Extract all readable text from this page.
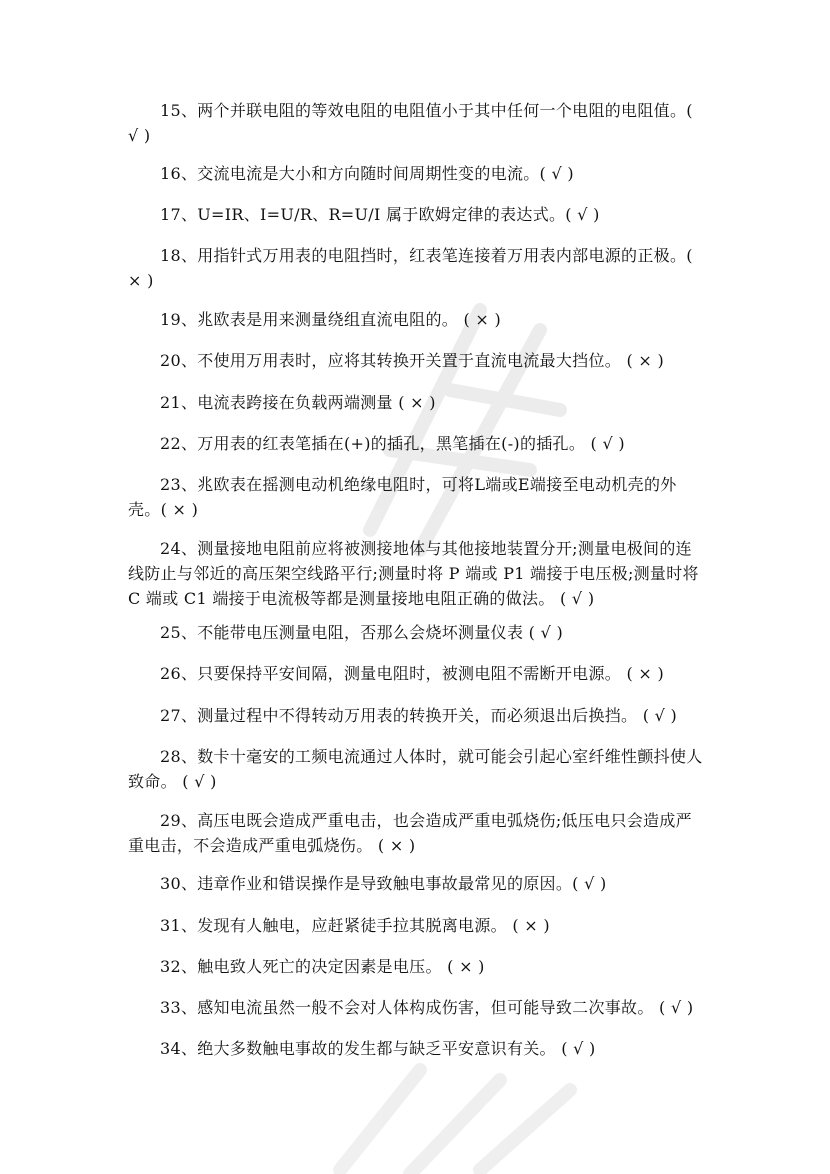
15、两个并联电阻的等效电阻的电阻值小于其中任何一个电阻的电阻值。( √ )
16、交流电流是大小和方向随时间周期性变的电流。( √ )
17、U=IR、I=U/R、R=U/I 属于欧姆定律的表达式。( √ )
18、用指针式万用表的电阻挡时，红表笔连接着万用表内部电源的正极。( × )
19、兆欧表是用来测量绕组直流电阻的。 ( × )
20、不使用万用表时，应将其转换开关置于直流电流最大挡位。 ( × )
21、电流表跨接在负载两端测量 ( × )
22、万用表的红表笔插在(+)的插孔，黑笔插在(-)的插孔。 ( √ )
23、兆欧表在摇测电动机绝缘电阻时，可将L端或E端接至电动机壳的外壳。( × )
24、测量接地电阻前应将被测接地体与其他接地装置分开;测量电极间的连线防止与邻近的高压架空线路平行;测量时将 P 端或 P1 端接于电压极;测量时将 C 端或 C1 端接于电流极等都是测量接地电阻正确的做法。 ( √ )
25、不能带电压测量电阻，否那么会烧坏测量仪表 ( √ )
26、只要保持平安间隔，测量电阻时，被测电阻不需断开电源。 ( × )
27、测量过程中不得转动万用表的转换开关，而必须退出后换挡。 ( √ )
28、数卡十毫安的工频电流通过人体时，就可能会引起心室纤维性颤抖使人致命。 ( √ )
29、高压电既会造成严重电击，也会造成严重电弧烧伤;低压电只会造成严重电击，不会造成严重电弧烧伤。 ( × )
30、违章作业和错误操作是导致触电事故最常见的原因。( √ )
31、发现有人触电，应赶紧徒手拉其脱离电源。 ( × )
32、触电致人死亡的决定因素是电压。 ( × )
33、感知电流虽然一般不会对人体构成伤害，但可能导致二次事故。 ( √ )
34、绝大多数触电事故的发生都与缺乏平安意识有关。 ( √ )
